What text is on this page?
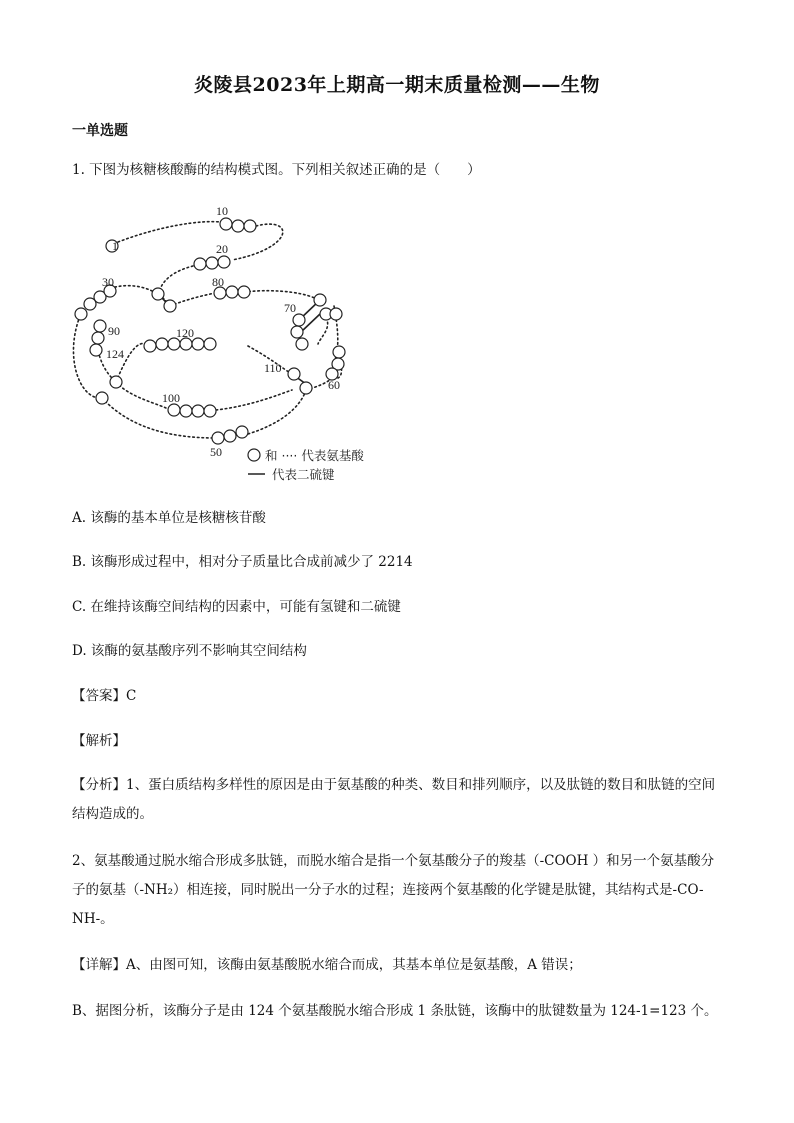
炎陵县2023年上期高一期末质量检测——生物
一单选题
1. 下图为核糖核酸酶的结构模式图。下列相关叙述正确的是（　　）
10
1	20
30	80
70
90	120
124
110
60
100
50	和 ···· 代表氨基酸
代表二硫键
A. 该酶的基本单位是核糖核苷酸
B. 该酶形成过程中，相对分子质量比合成前减少了 2214
C. 在维持该酶空间结构的因素中，可能有氢键和二硫键
D. 该酶的氨基酸序列不影响其空间结构
【答案】C
【解析】
【分析】1、蛋白质结构多样性的原因是由于氨基酸的种类、数目和排列顺序，以及肽链的数目和肽链的空间结构造成的。
2、氨基酸通过脱水缩合形成多肽链，而脱水缩合是指一个氨基酸分子的羧基（-COOH ）和另一个氨基酸分子的氨基（-NH₂）相连接，同时脱出一分子水的过程；连接两个氨基酸的化学键是肽键，其结构式是-CO-NH-。
【详解】A、由图可知，该酶由氨基酸脱水缩合而成，其基本单位是氨基酸，A 错误；
B、据图分析，该酶分子是由 124 个氨基酸脱水缩合形成 1 条肽链，该酶中的肽键数量为 124-1=123 个。
